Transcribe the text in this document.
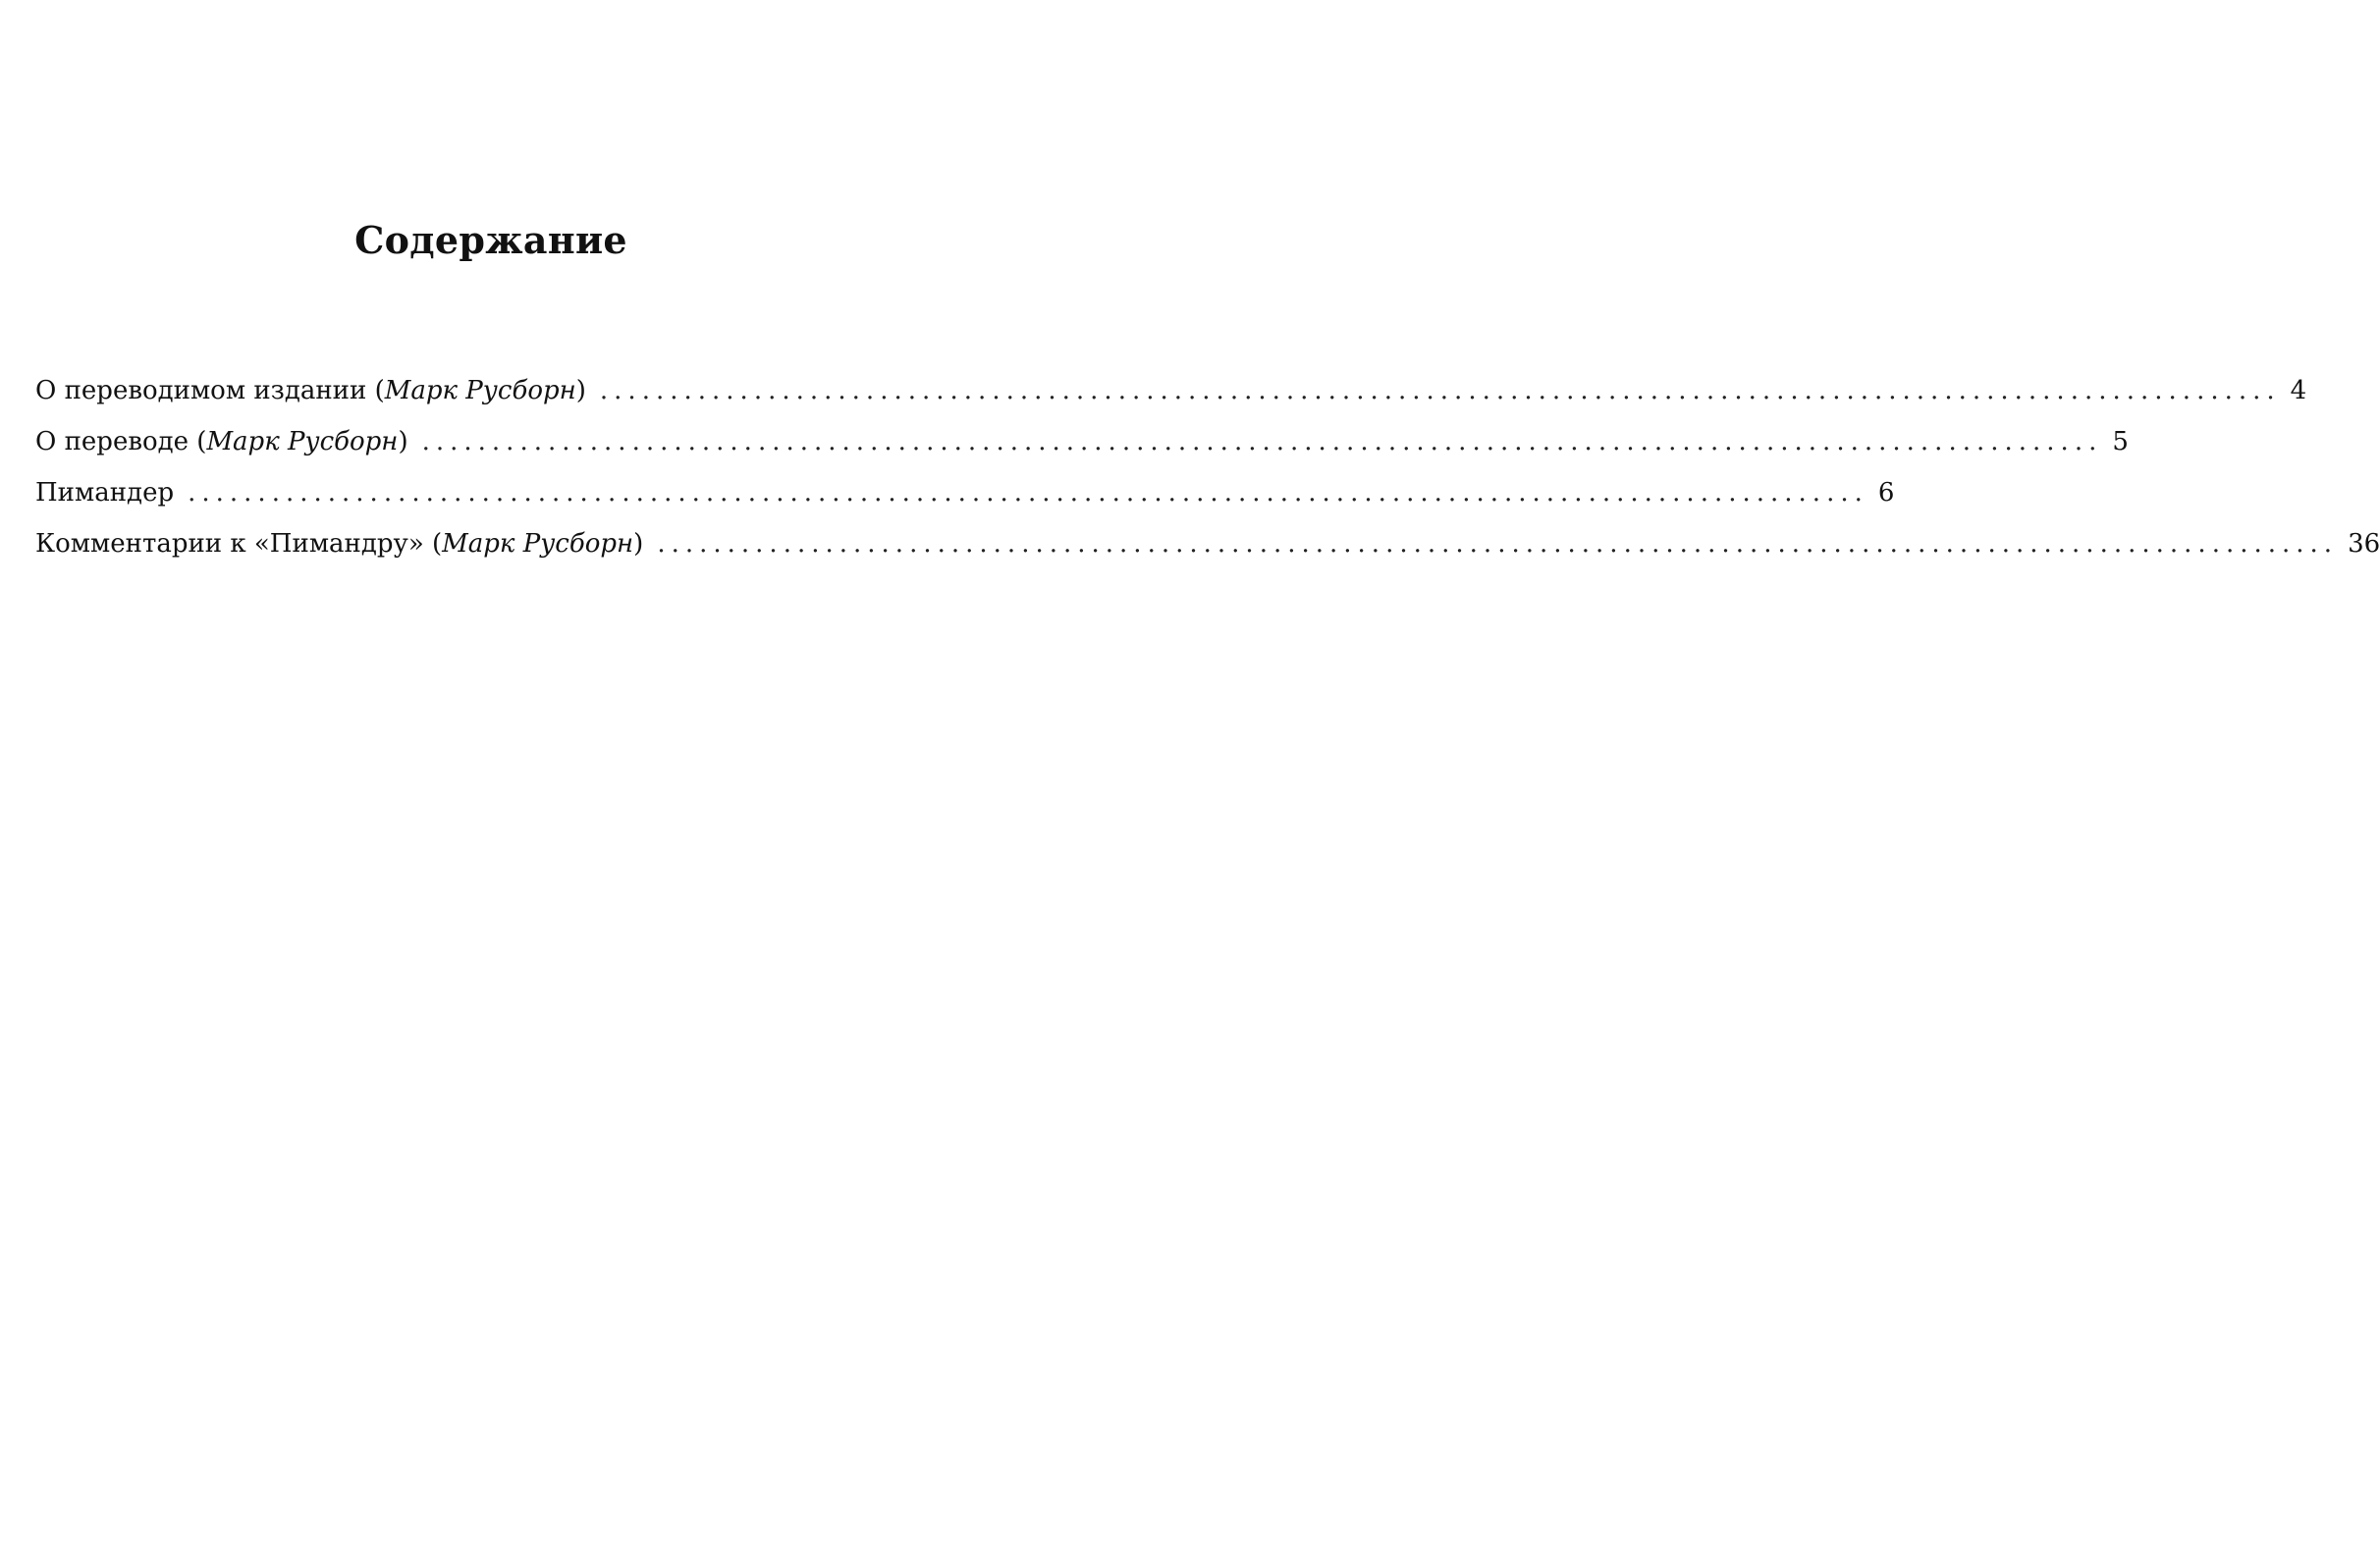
Содержание
О переводимом издании (Марк Русборн) ........................................................................................................................ 4
О переводе (Марк Русборн) ........................................................................................................................ 5
Пимандер ........................................................................................................................ 6
Комментарии к «Пимандру» (Марк Русборн) ........................................................................................................................ 36
